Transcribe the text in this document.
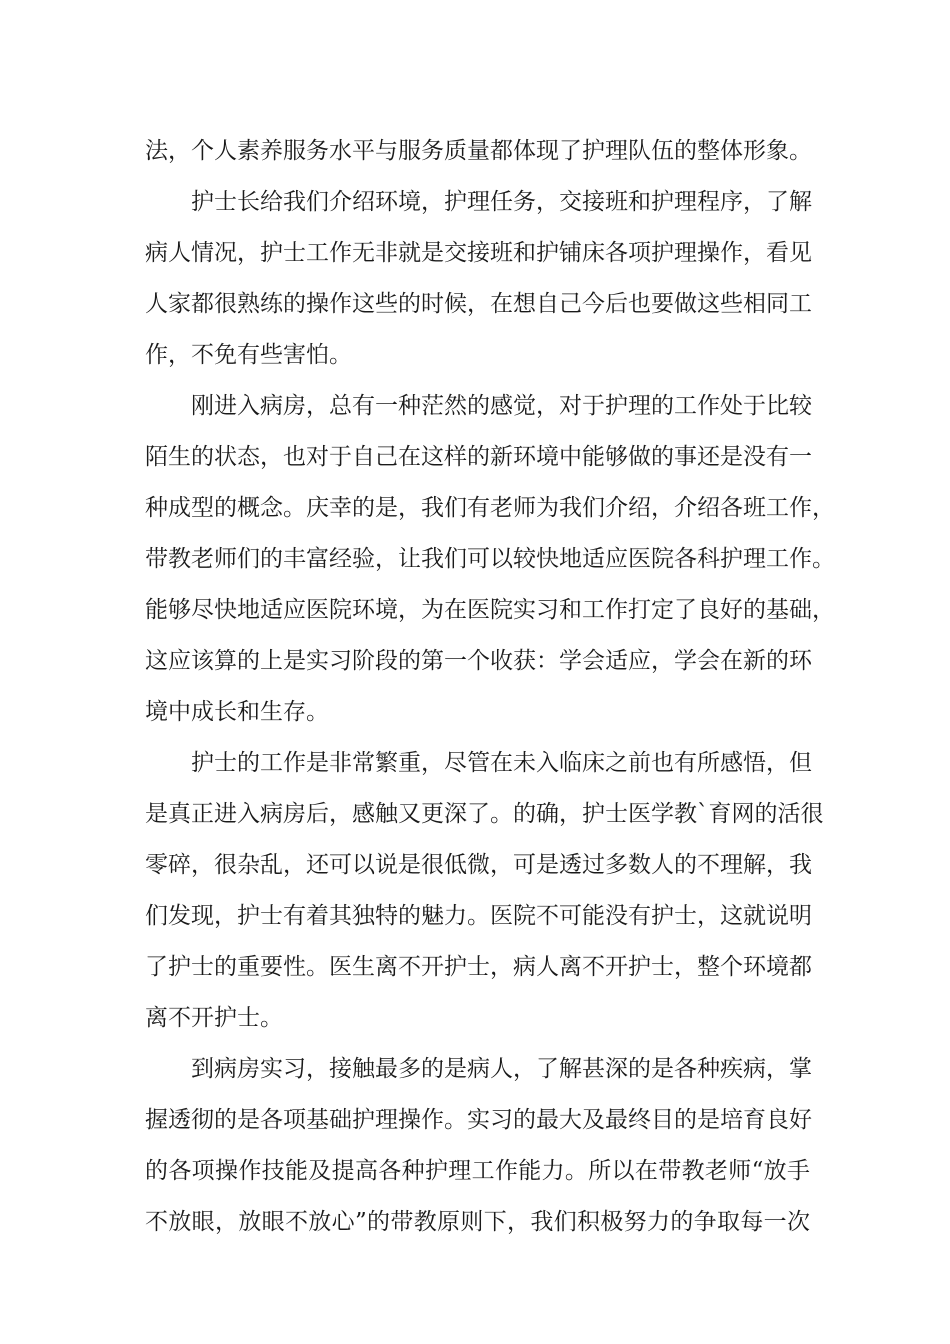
法，个人素养服务水平与服务质量都体现了护理队伍的整体形象。
护士长给我们介绍环境，护理任务，交接班和护理程序，了解
病人情况，护士工作无非就是交接班和护铺床各项护理操作，看见
人家都很熟练的操作这些的时候，在想自己今后也要做这些相同工
作，不免有些害怕。
刚进入病房，总有一种茫然的感觉，对于护理的工作处于比较
陌生的状态，也对于自己在这样的新环境中能够做的事还是没有一
种成型的概念。庆幸的是，我们有老师为我们介绍，介绍各班工作，
带教老师们的丰富经验，让我们可以较快地适应医院各科护理工作。
能够尽快地适应医院环境，为在医院实习和工作打定了良好的基础，
这应该算的上是实习阶段的第一个收获：学会适应，学会在新的环
境中成长和生存。
护士的工作是非常繁重，尽管在未入临床之前也有所感悟，但
是真正进入病房后，感触又更深了。的确，护士医学教`育网的活很
零碎，很杂乱，还可以说是很低微，可是透过多数人的不理解，我
们发现，护士有着其独特的魅力。医院不可能没有护士，这就说明
了护士的重要性。医生离不开护士，病人离不开护士，整个环境都
离不开护士。
到病房实习，接触最多的是病人，了解甚深的是各种疾病，掌
握透彻的是各项基础护理操作。实习的最大及最终目的是培育良好
的各项操作技能及提高各种护理工作能力。所以在带教老师“放手
不放眼，放眼不放心”的带教原则下，我们积极努力的争取每一次
